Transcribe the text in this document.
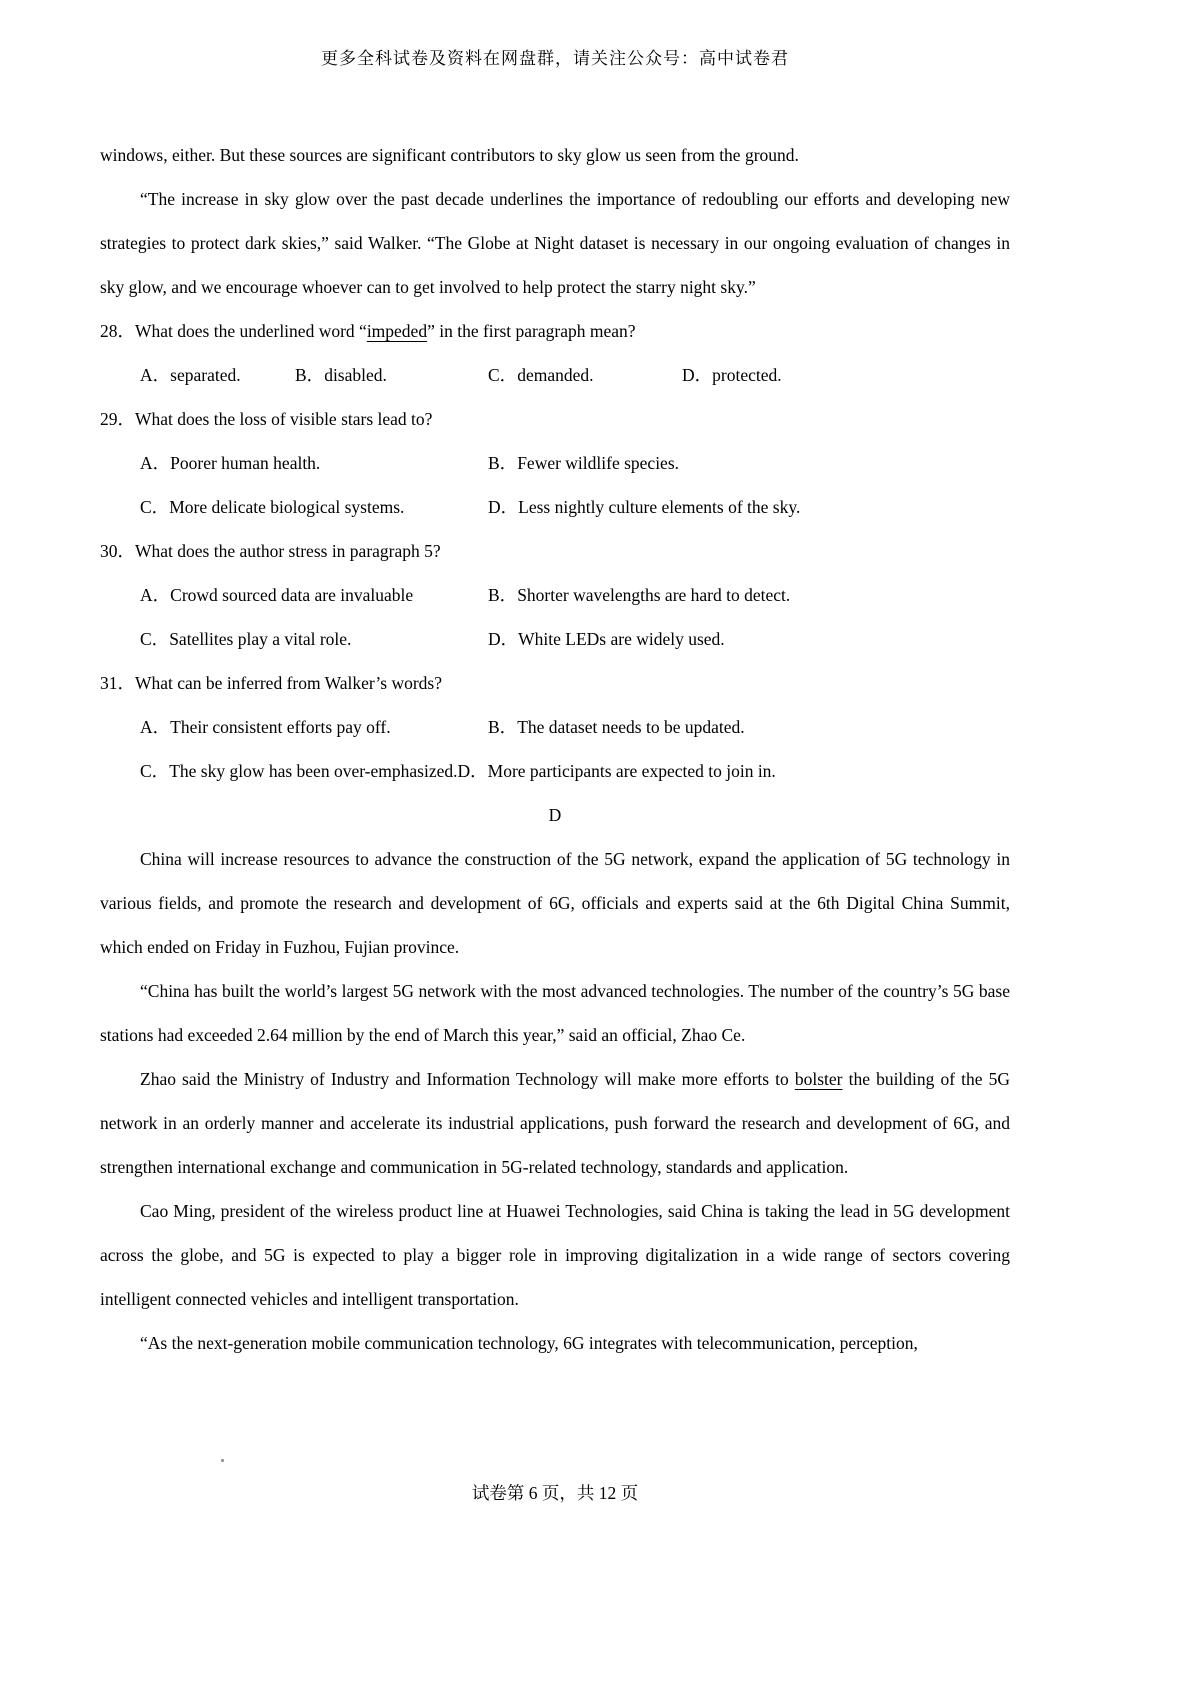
更多全科试卷及资料在网盘群，请关注公众号：高中试卷君

windows, either. But these sources are significant contributors to sky glow us seen from the ground.

“The increase in sky glow over the past decade underlines the importance of redoubling our efforts and developing new strategies to protect dark skies,” said Walker. “The Globe at Night dataset is necessary in our ongoing evaluation of changes in sky glow, and we encourage whoever can to get involved to help protect the starry night sky.”

28．What does the underlined word “impeded” in the first paragraph mean?
A．separated.	B．disabled.	C．demanded.	D．protected.
29．What does the loss of visible stars lead to?
A．Poorer human health.	B．Fewer wildlife species.
C．More delicate biological systems.	D．Less nightly culture elements of the sky.
30．What does the author stress in paragraph 5?
A．Crowd sourced data are invaluable	B．Shorter wavelengths are hard to detect.
C．Satellites play a vital role.	D．White LEDs are widely used.
31．What can be inferred from Walker’s words?
A．Their consistent efforts pay off.	B．The dataset needs to be updated.
C．The sky glow has been over-emphasized.D．More participants are expected to join in.
D

China will increase resources to advance the construction of the 5G network, expand the application of 5G technology in various fields, and promote the research and development of 6G, officials and experts said at the 6th Digital China Summit, which ended on Friday in Fuzhou, Fujian province.

“China has built the world’s largest 5G network with the most advanced technologies. The number of the country’s 5G base stations had exceeded 2.64 million by the end of March this year,” said an official, Zhao Ce.

Zhao said the Ministry of Industry and Information Technology will make more efforts to bolster the building of the 5G network in an orderly manner and accelerate its industrial applications, push forward the research and development of 6G, and strengthen international exchange and communication in 5G-related technology, standards and application.

Cao Ming, president of the wireless product line at Huawei Technologies, said China is taking the lead in 5G development across the globe, and 5G is expected to play a bigger role in improving digitalization in a wide range of sectors covering intelligent connected vehicles and intelligent transportation.

“As the next-generation mobile communication technology, 6G integrates with telecommunication, perception,

试卷第 6 页，共 12 页
